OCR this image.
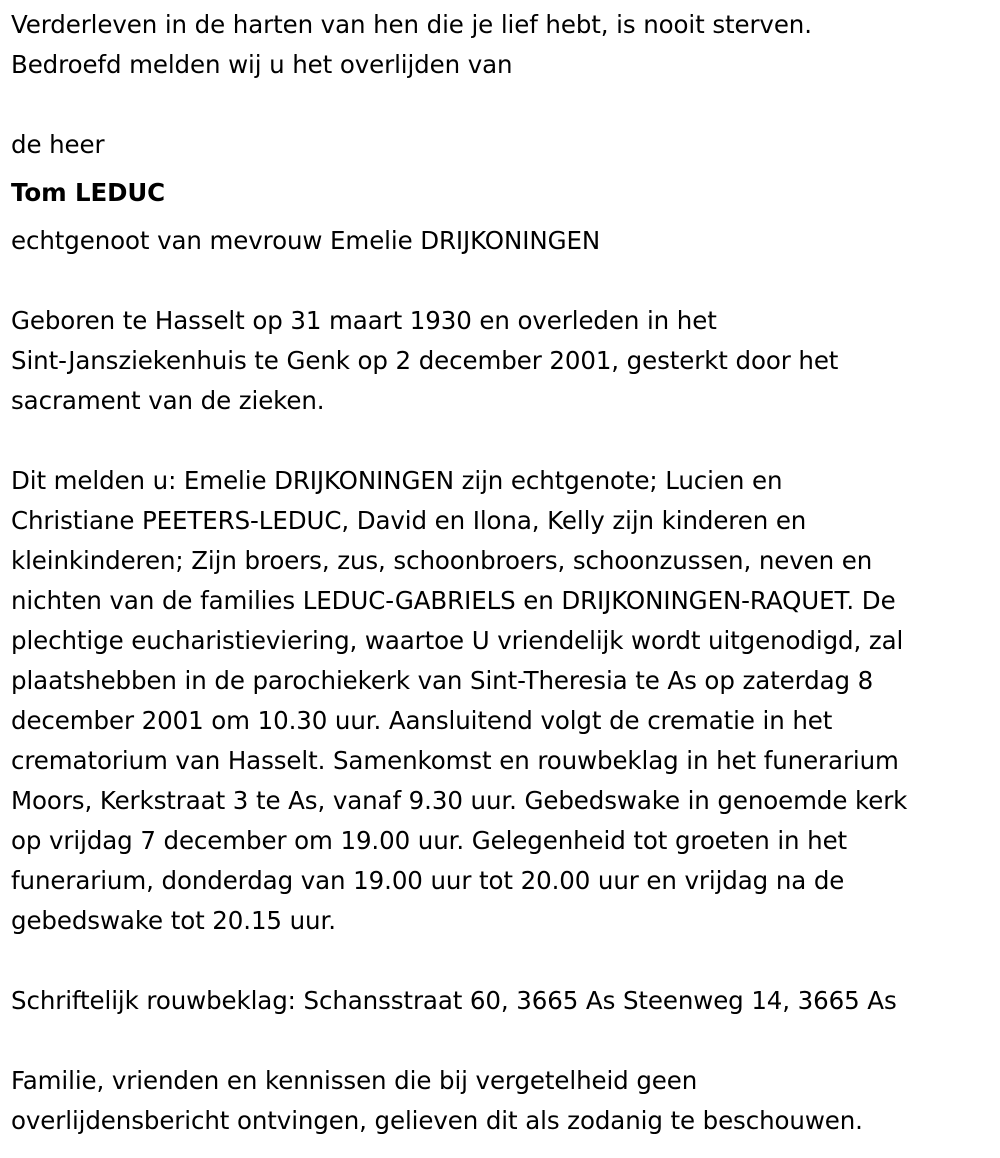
Verderleven in de harten van hen die je lief hebt, is nooit sterven.
Bedroefd melden wij u het overlijden van
de heer
Tom LEDUC
echtgenoot van mevrouw Emelie DRIJKONINGEN
Geboren te Hasselt op 31 maart 1930 en overleden in het
Sint-Jansziekenhuis te Genk op 2 december 2001, gesterkt door het
sacrament van de zieken.
Dit melden u: Emelie DRIJKONINGEN zijn echtgenote; Lucien en
Christiane PEETERS-LEDUC, David en Ilona, Kelly zijn kinderen en
kleinkinderen; Zijn broers, zus, schoonbroers, schoonzussen, neven en
nichten van de families LEDUC-GABRIELS en DRIJKONINGEN-RAQUET. De
plechtige eucharistieviering, waartoe U vriendelijk wordt uitgenodigd, zal
plaatshebben in de parochiekerk van Sint-Theresia te As op zaterdag 8
december 2001 om 10.30 uur. Aansluitend volgt de crematie in het
crematorium van Hasselt. Samenkomst en rouwbeklag in het funerarium
Moors, Kerkstraat 3 te As, vanaf 9.30 uur. Gebedswake in genoemde kerk
op vrijdag 7 december om 19.00 uur. Gelegenheid tot groeten in het
funerarium, donderdag van 19.00 uur tot 20.00 uur en vrijdag na de
gebedswake tot 20.15 uur.
Schriftelijk rouwbeklag: Schansstraat 60, 3665 As Steenweg 14, 3665 As
Familie, vrienden en kennissen die bij vergetelheid geen
overlijdensbericht ontvingen, gelieven dit als zodanig te beschouwen.
